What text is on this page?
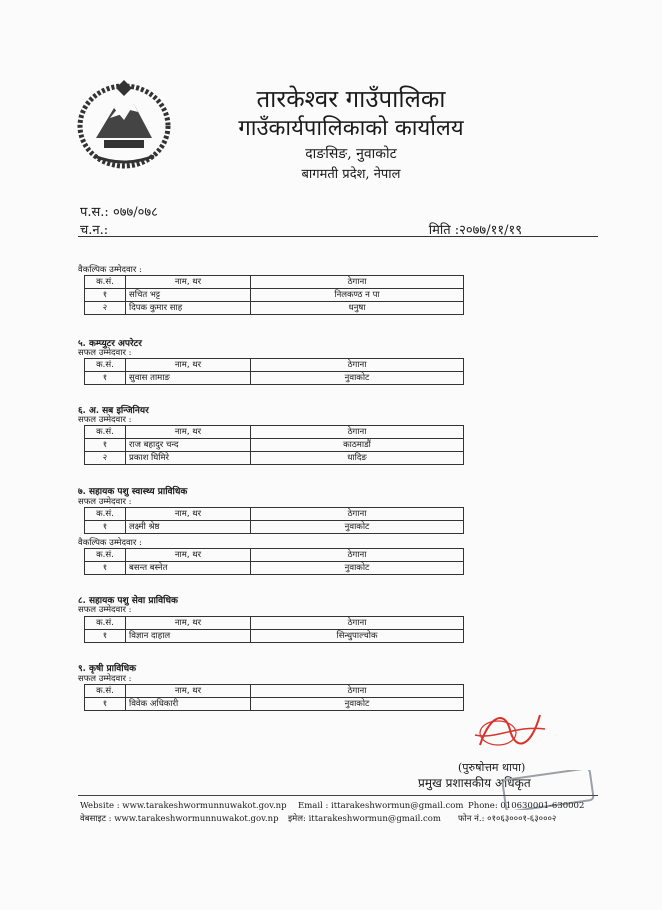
तारकेश्वर गाउँपालिका
गाउँकार्यपालिकाको कार्यालय
दाङसिङ, नुवाकोट
बागमती प्रदेश, नेपाल
प.स.: ०७७/०७८
च.न.:	मिति :२०७७/११/१९
वैकल्पिक उम्मेदवार :
क.सं.	नाम, थर	ठेगाना
१	सचित भट्ट	निलकण्ठ न पा
२	दिपक कुमार साह	धनुषा
५. कम्प्युटर अपरेटर
सफल उम्मेदवार :
क.सं.	नाम, थर	ठेगाना
१	सुवास तामाङ	नुवाकोट
६. अ. सब इन्जिनियर
सफल उम्मेदवार :
क.सं.	नाम, थर	ठेगाना
१	राज बहादुर चन्द	काठमाडौं
२	प्रकाश घिमिरे	धादिङ
७. सहायक पशु स्वास्थ्य प्राविधिक
सफल उम्मेदवार :
क.सं.	नाम, थर	ठेगाना
१	लक्ष्मी श्रेष्ठ	नुवाकोट
वैकल्पिक उम्मेदवार :
क.सं.	नाम, थर	ठेगाना
१	बसन्त बस्नेत	नुवाकोट
८. सहायक पशु सेवा प्राविधिक
सफल उम्मेदवार :
क.सं.	नाम, थर	ठेगाना
१	विज्ञान दाहाल	सिन्धुपाल्चोक
९. कृषी प्राविधिक
सफल उम्मेदवार :
क.सं.	नाम, थर	ठेगाना
१	विवेक अधिकारी	नुवाकोट
(पुरुषोत्तम थापा)
प्रमुख प्रशासकीय अधिकृत
Website : www.tarakeshwormunnuwakot.gov.np Email : ittarakeshwormun@gmail.com Phone: 010630001-630002
वेबसाइट : www.tarakeshwormunnuwakot.gov.np इमेल: ittarakeshwormun@gmail.com फोन नं.: ०१०६३०००१-६३०००२
